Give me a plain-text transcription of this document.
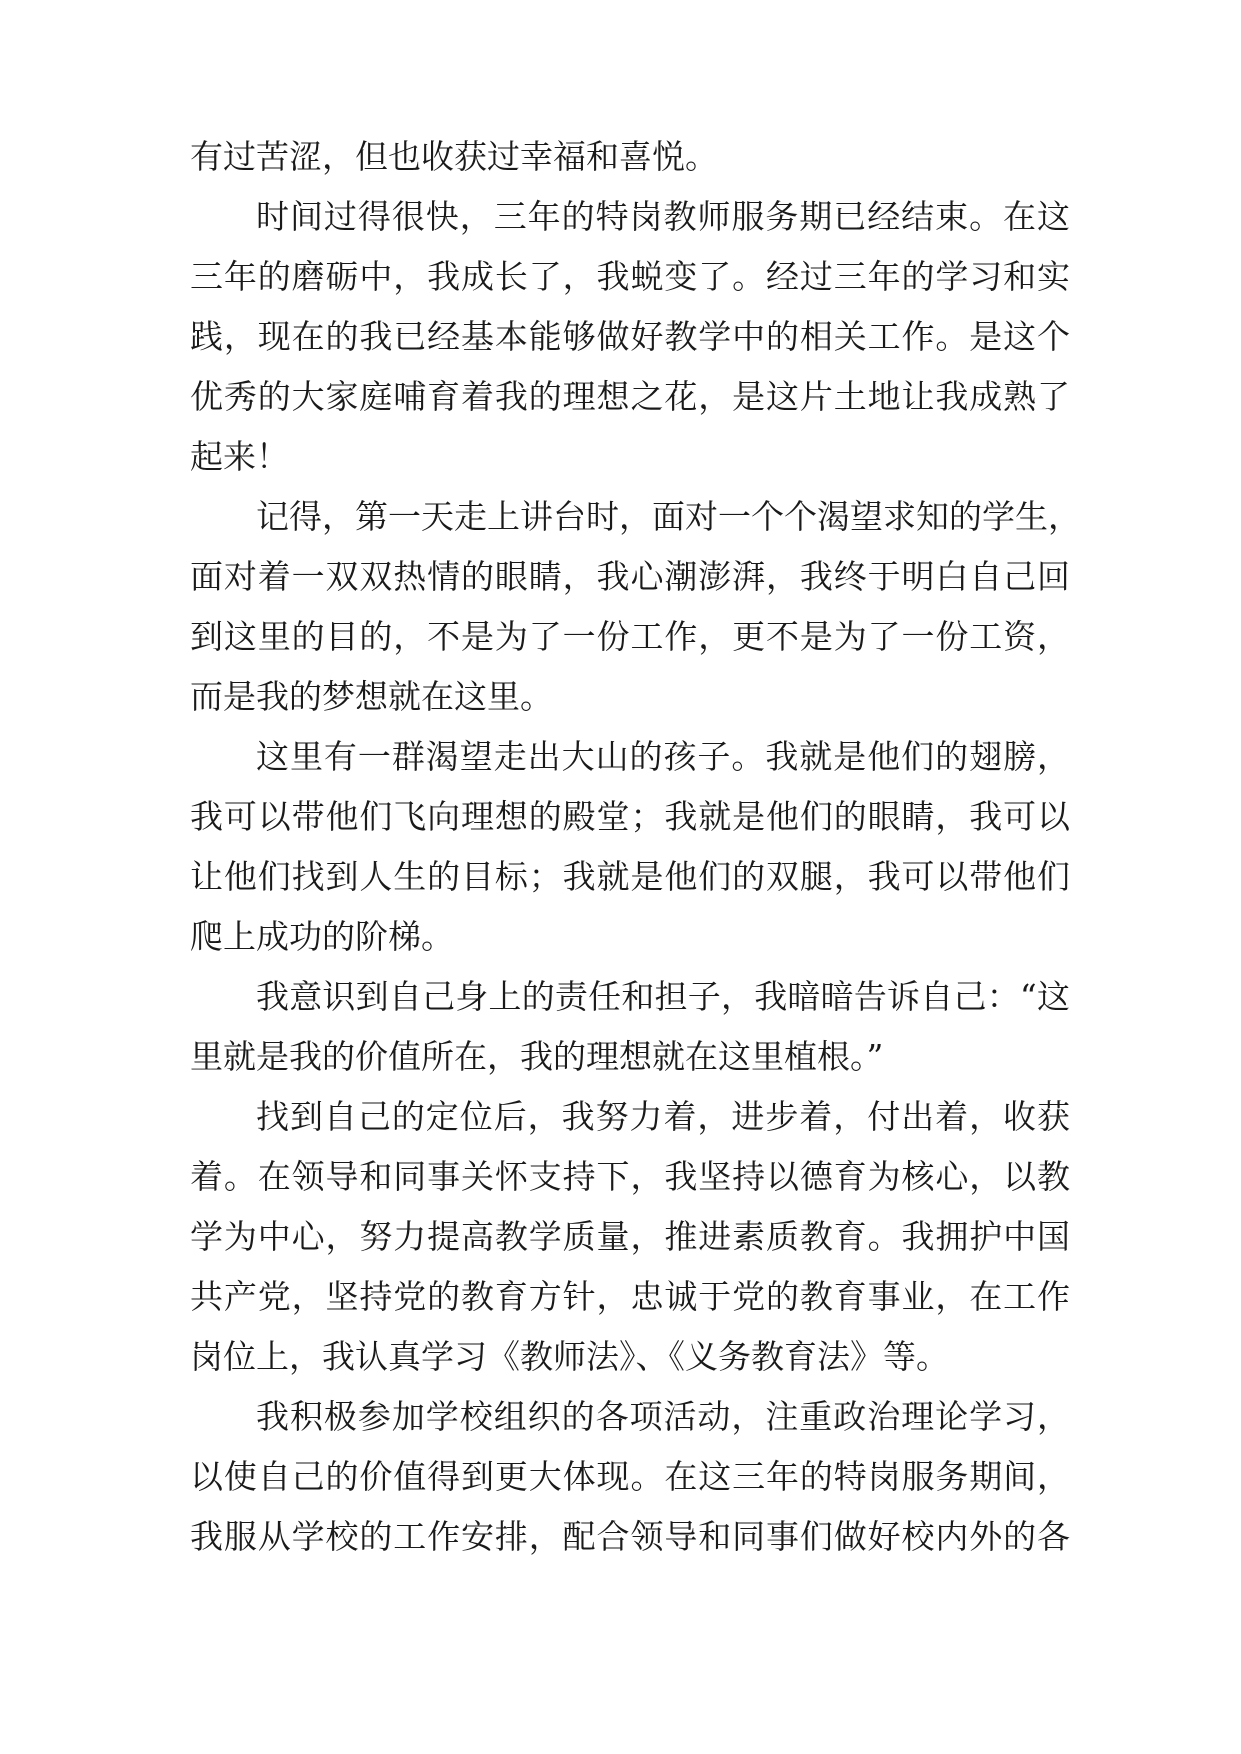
有过苦涩，但也收获过幸福和喜悦。
时间过得很快，三年的特岗教师服务期已经结束。在这
三年的磨砺中，我成长了，我蜕变了。经过三年的学习和实
践，现在的我已经基本能够做好教学中的相关工作。是这个
优秀的大家庭哺育着我的理想之花，是这片土地让我成熟了
起来！
记得，第一天走上讲台时，面对一个个渴望求知的学生，
面对着一双双热情的眼睛，我心潮澎湃，我终于明白自己回
到这里的目的，不是为了一份工作，更不是为了一份工资，
而是我的梦想就在这里。
这里有一群渴望走出大山的孩子。我就是他们的翅膀，
我可以带他们飞向理想的殿堂；我就是他们的眼睛，我可以
让他们找到人生的目标；我就是他们的双腿，我可以带他们
爬上成功的阶梯。
我意识到自己身上的责任和担子，我暗暗告诉自己：“这
里就是我的价值所在，我的理想就在这里植根。”
找到自己的定位后，我努力着，进步着，付出着，收获
着。在领导和同事关怀支持下，我坚持以德育为核心，以教
学为中心，努力提高教学质量，推进素质教育。我拥护中国
共产党，坚持党的教育方针，忠诚于党的教育事业，在工作
岗位上，我认真学习《教师法》、《义务教育法》等。
我积极参加学校组织的各项活动，注重政治理论学习，
以使自己的价值得到更大体现。在这三年的特岗服务期间，
我服从学校的工作安排，配合领导和同事们做好校内外的各
